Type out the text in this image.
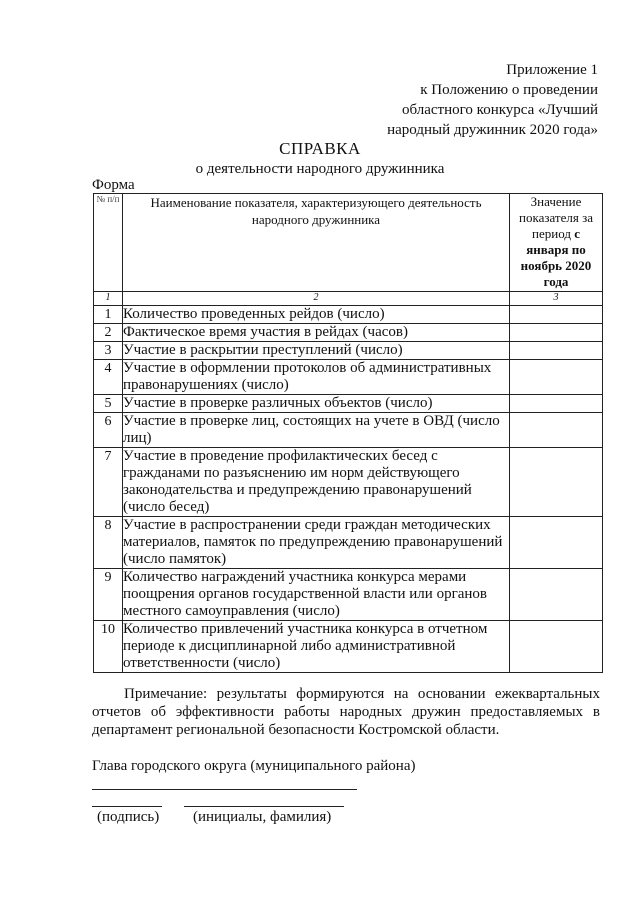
Приложение 1
к Положению о проведении
областного конкурса «Лучший
народный дружинник 2020 года»
СПРАВКА
о деятельности народного дружинника
Форма
№ п/п	Наименование показателя, характеризующего деятельность народного дружинника	Значение показателя за период с января по ноябрь 2020 года
1	2	3
1	Количество проведенных рейдов (число)	
2	Фактическое время участия в рейдах (часов)	
3	Участие в раскрытии преступлений (число)	
4	Участие в оформлении протоколов об административных правонарушениях (число)	
5	Участие в проверке различных объектов (число)	
6	Участие в проверке лиц, состоящих на учете в ОВД (число лиц)	
7	Участие в проведение профилактических бесед с гражданами по разъяснению им норм действующего законодательства и предупреждению правонарушений (число бесед)	
8	Участие в распространении среди граждан методических материалов, памяток по предупреждению правонарушений (число памяток)	
9	Количество награждений участника конкурса мерами поощрения органов государственной власти или органов местного самоуправления (число)	
10	Количество привлечений участника конкурса в отчетном периоде к дисциплинарной либо административной ответственности (число)	
Примечание: результаты формируются на основании ежеквартальных отчетов об эффективности работы народных дружин предоставляемых в департамент региональной безопасности Костромской области.
Глава городского округа (муниципального района)
(подпись) (инициалы, фамилия)
